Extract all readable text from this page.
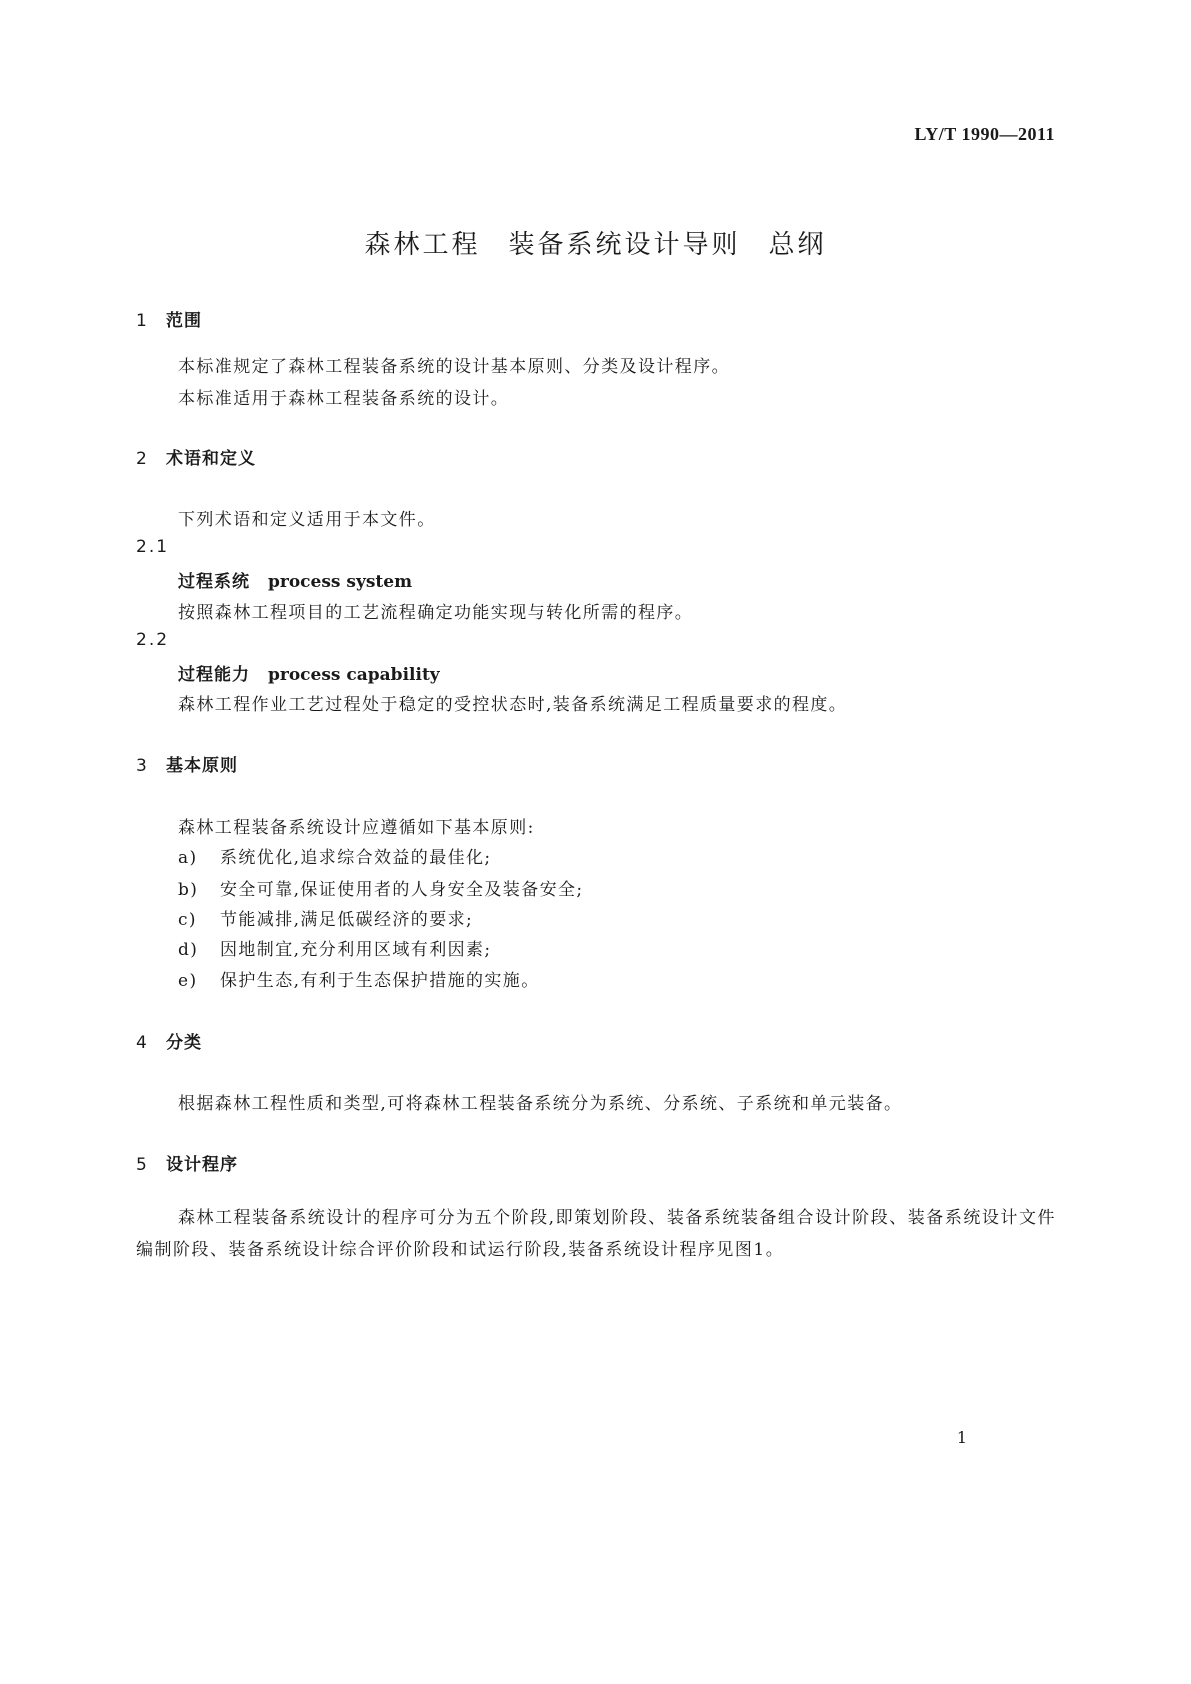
LY/T 1990—2011
森林工程 装备系统设计导则 总纲
1 范围
本标准规定了森林工程装备系统的设计基本原则、分类及设计程序。
本标准适用于森林工程装备系统的设计。
2 术语和定义
下列术语和定义适用于本文件。
2.1
过程系统 process system
按照森林工程项目的工艺流程确定功能实现与转化所需的程序。
2.2
过程能力 process capability
森林工程作业工艺过程处于稳定的受控状态时,装备系统满足工程质量要求的程度。
3 基本原则
森林工程装备系统设计应遵循如下基本原则:
a) 系统优化,追求综合效益的最佳化;
b) 安全可靠,保证使用者的人身安全及装备安全;
c) 节能减排,满足低碳经济的要求;
d) 因地制宜,充分利用区域有利因素;
e) 保护生态,有利于生态保护措施的实施。
4 分类
根据森林工程性质和类型,可将森林工程装备系统分为系统、分系统、子系统和单元装备。
5 设计程序
森林工程装备系统设计的程序可分为五个阶段,即策划阶段、装备系统装备组合设计阶段、装备系统设计文件编制阶段、装备系统设计综合评价阶段和试运行阶段,装备系统设计程序见图1。
1
